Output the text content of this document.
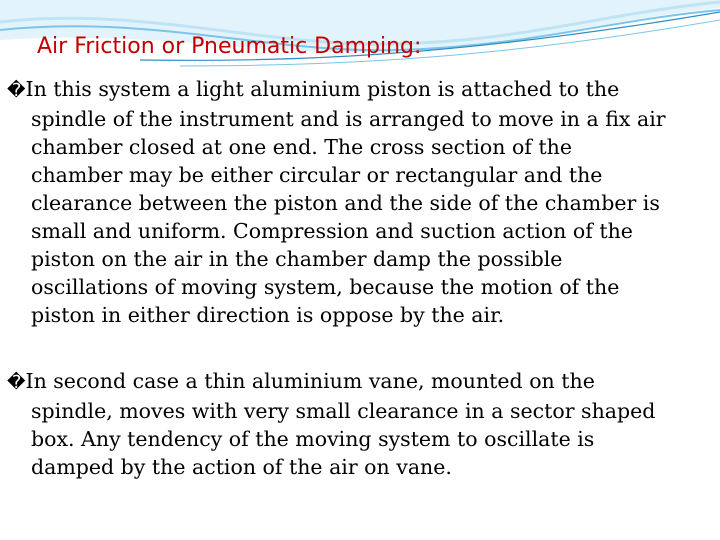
Air Friction or Pneumatic Damping:
�In this system a light aluminium piston is attached to the
spindle of the instrument and is arranged to move in a fix air
chamber closed at one end. The cross section of the
chamber may be either circular or rectangular and the
clearance between the piston and the side of the chamber is
small and uniform. Compression and suction action of the
piston on the air in the chamber damp the possible
oscillations of moving system, because the motion of the
piston in either direction is oppose by the air.
�In second case a thin aluminium vane, mounted on the
spindle, moves with very small clearance in a sector shaped
box. Any tendency of the moving system to oscillate is
damped by the action of the air on vane.
